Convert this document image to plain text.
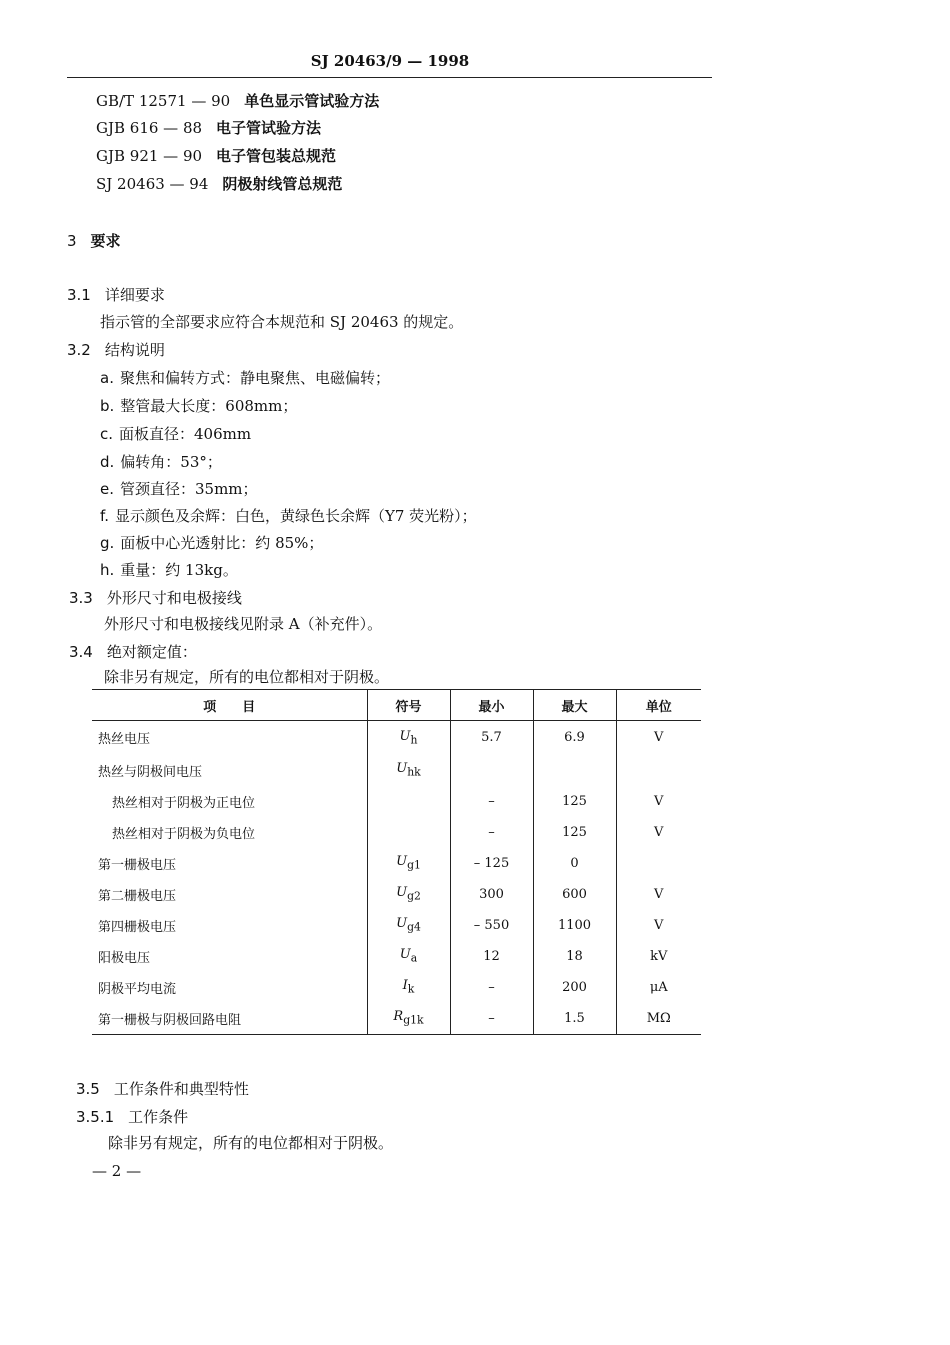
SJ 20463/9 — 1998
GB/T 12571 — 90 单色显示管试验方法
GJB 616 — 88 电子管试验方法
GJB 921 — 90 电子管包装总规范
SJ 20463 — 94 阴极射线管总规范
3 要求
3.1 详细要求
指示管的全部要求应符合本规范和 SJ 20463 的规定。
3.2 结构说明
a. 聚焦和偏转方式：静电聚焦、电磁偏转；
b. 整管最大长度：608mm；
c. 面板直径：406mm
d. 偏转角：53°；
e. 管颈直径：35mm；
f. 显示颜色及余辉：白色，黄绿色长余辉（Y7 荧光粉）；
g. 面板中心光透射比：约 85%；
h. 重量：约 13kg。
3.3 外形尺寸和电极接线
外形尺寸和电极接线见附录 A（补充件）。
3.4 绝对额定值：
除非另有规定，所有的电位都相对于阴极。
项　　目	符号	最小	最大	单位
热丝电压	$U_h$	5.7	6.9	V
热丝与阴极间电压	$U_{hk}$			
热丝相对于阴极为正电位		–	125	V
热丝相对于阴极为负电位		–	125	V
第一栅极电压	$U_{g1}$	– 125	0	
第二栅极电压	$U_{g2}$	300	600	V
第四栅极电压	$U_{g4}$	– 550	1100	V
阳极电压	$U_a$	12	18	kV
阴极平均电流	$I_k$	–	200	μA
第一栅极与阴极回路电阻	$R_{g1k}$	–	1.5	MΩ
3.5 工作条件和典型特性
3.5.1 工作条件
除非另有规定，所有的电位都相对于阴极。
— 2 —
